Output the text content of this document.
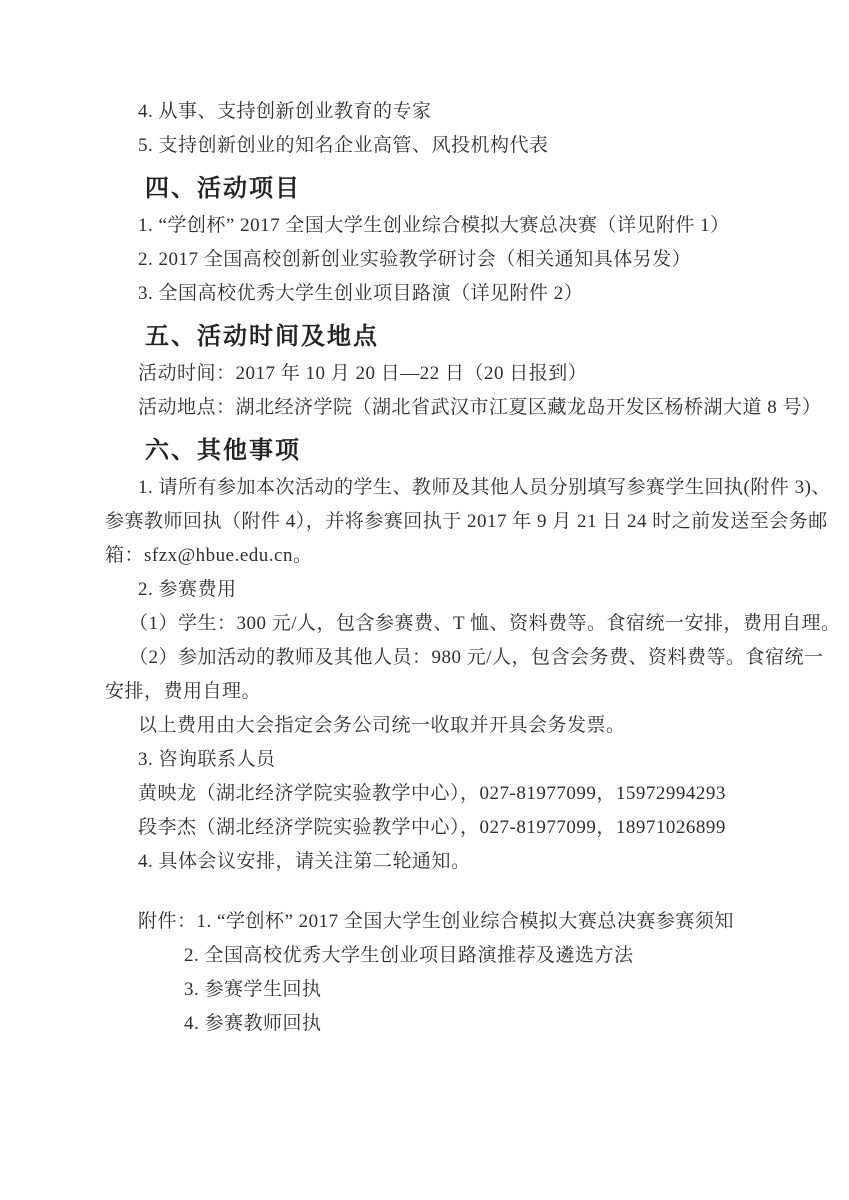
4. 从事、支持创新创业教育的专家

5. 支持创新创业的知名企业高管、风投机构代表

四、活动项目

1. “学创杯” 2017 全国大学生创业综合模拟大赛总决赛（详见附件 1）

2. 2017 全国高校创新创业实验教学研讨会（相关通知具体另发）

3. 全国高校优秀大学生创业项目路演（详见附件 2）

五、活动时间及地点

活动时间：2017 年 10 月 20 日—22 日（20 日报到）

活动地点：湖北经济学院（湖北省武汉市江夏区藏龙岛开发区杨桥湖大道 8 号）

六、其他事项

1. 请所有参加本次活动的学生、教师及其他人员分别填写参赛学生回执(附件 3)、

参赛教师回执（附件 4），并将参赛回执于 2017 年 9 月 21 日 24 时之前发送至会务邮

箱：sfzx@hbue.edu.cn。

2. 参赛费用

（1）学生：300 元/人，包含参赛费、T 恤、资料费等。食宿统一安排，费用自理。

（2）参加活动的教师及其他人员：980 元/人，包含会务费、资料费等。食宿统一

安排，费用自理。

以上费用由大会指定会务公司统一收取并开具会务发票。

3. 咨询联系人员

黄映龙（湖北经济学院实验教学中心），027-81977099，15972994293

段李杰（湖北经济学院实验教学中心），027-81977099，18971026899

4. 具体会议安排，请关注第二轮通知。

附件：1. “学创杯” 2017 全国大学生创业综合模拟大赛总决赛参赛须知

2. 全国高校优秀大学生创业项目路演推荐及遴选方法

3. 参赛学生回执

4. 参赛教师回执
